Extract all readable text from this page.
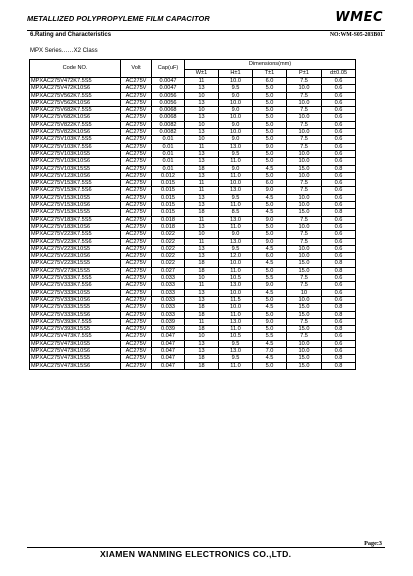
METALLIZED POLYPROPYLEME FILM CAPACITOR	WMEC
6.Rating and Characteristics	NO:WM-S05-203B01
MPX Series……X2 Class
Code NO.	Volt	Cap(uF)	Dimensions(mm)				
			W±1	H±1	T±1	P±1	d±0.05
MPXAC275V472K7.5S5	AC275V	0.0047	11	10.0	6.0	7.5	0.6
MPXAC275V472K10S6	AC275V	0.0047	13	9.5	5.0	10.0	0.6
MPXAC275V562K7.5S5	AC275V	0.0056	10	9.0	5.0	7.5	0.6
MPXAC275V562K10S6	AC275V	0.0056	13	10.0	5.0	10.0	0.6
MPXAC275V682K7.5S5	AC275V	0.0068	10	9.0	5.0	7.5	0.6
MPXAC275V682K10S6	AC275V	0.0068	13	10.0	5.0	10.0	0.6
MPXAC275V822K7.5S5	AC275V	0.0082	10	9.0	5.0	7.5	0.6
MPXAC275V822K10S6	AC275V	0.0082	13	10.0	5.0	10.0	0.6
MPXAC275V103K7.5S5	AC275V	0.01	10	9.0	5.0	7.5	0.6
MPXAC275V103K7.5S6	AC275V	0.01	11	13.0	9.0	7.5	0.6
MPXAC275V103K10S5	AC275V	0.01	13	9.5	5.0	10.0	0.6
MPXAC275V103K10S6	AC275V	0.01	13	11.0	5.0	10.0	0.6
MPXAC275V103K15S5	AC275V	0.01	18	9.0	4.5	15.0	0.8
MPXAC275V123K10S6	AC275V	0.012	13	11.0	5.0	10.0	0.6
MPXAC275V153K7.5S5	AC275V	0.015	11	10.0	6.0	7.5	0.6
MPXAC275V153K7.5S6	AC275V	0.015	11	13.0	9.0	7.5	0.6
MPXAC275V153K10S5	AC275V	0.015	13	9.5	4.5	10.0	0.6
MPXAC275V153K10S6	AC275V	0.015	13	11.0	5.0	10.0	0.6
MPXAC275V153K15S5	AC275V	0.015	18	8.5	4.5	15.0	0.8
MPXAC275V183K7.5S5	AC275V	0.018	11	13.0	9.0	7.5	0.6
MPXAC275V183K10S6	AC275V	0.018	13	11.0	5.0	10.0	0.6
MPXAC275V223K7.5S5	AC275V	0.022	10	9.0	5.0	7.5	0.6
MPXAC275V223K7.5S6	AC275V	0.022	11	13.0	9.0	7.5	0.6
MPXAC275V223K10S5	AC275V	0.022	13	9.5	4.5	10.0	0.6
MPXAC275V223K10S6	AC275V	0.022	13	12.0	6.0	10.0	0.6
MPXAC275V223K15S5	AC275V	0.022	18	10.0	4.5	15.0	0.8
MPXAC275V273K15S5	AC275V	0.027	18	11.0	5.0	15.0	0.8
MPXAC275V333K7.5S5	AC275V	0.033	10	10.5	5.5	7.5	0.6
MPXAC275V333K7.5S6	AC275V	0.033	11	13.0	9.0	7.5	0.6
MPXAC275V333K10S5	AC275V	0.033	13	10.0	4.5	10	0.6
MPXAC275V333K10S6	AC275V	0.033	13	11.5	5.0	10.0	0.6
MPXAC275V333K15S5	AC275V	0.033	18	10.0	4.5	15.0	0.8
MPXAC275V333K15S6	AC275V	0.033	18	11.0	5.0	15.0	0.8
MPXAC275V393K7.5S5	AC275V	0.039	11	13.0	9.0	7.5	0.6
MPXAC275V393K15S5	AC275V	0.039	18	11.0	5.0	15.0	0.8
MPXAC275V473K7.5S5	AC275V	0.047	10	10.5	5.5	7.5	0.6
MPXAC275V473K10S5	AC275V	0.047	13	9.5	4.5	10.0	0.6
MPXAC275V473K10S6	AC275V	0.047	13	13.0	7.0	10.0	0.6
MPXAC275V473K15S5	AC275V	0.047	18	9.5	4.5	15.0	0.8
MPXAC275V473K15S6	AC275V	0.047	18	11.0	5.0	15.0	0.8
Page:3
XIAMEN WANMING ELECTRONICS CO.,LTD.
